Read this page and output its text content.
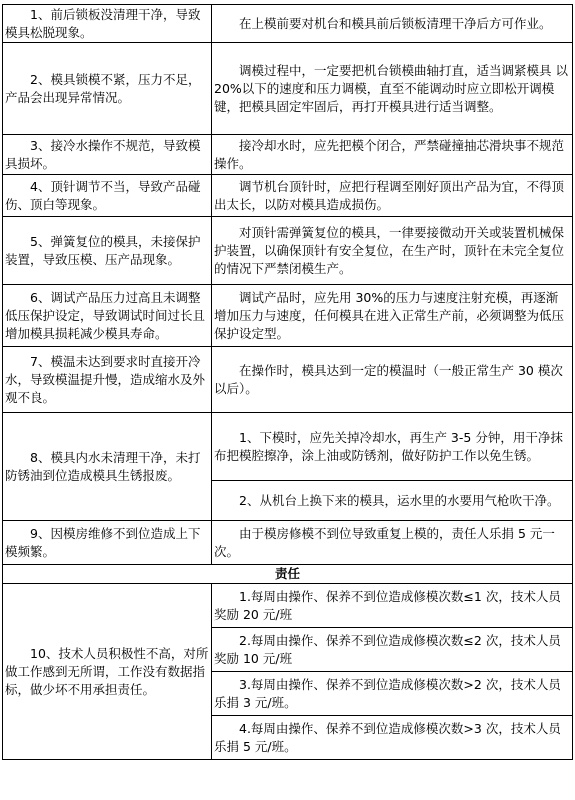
1、前后锁板没清理干净，导致模具松脱现象。	在上模前要对机台和模具前后锁板清理干净后方可作业。
2、模具锁模不紧，压力不足，产品会出现异常情况。	调模过程中，一定要把机台锁模曲轴打直，适当调紧模具 以 20%以下的速度和压力调模，直至不能调动时应立即松开调模键，把模具固定牢固后，再打开模具进行适当调整。
3、接冷水操作不规范，导致模具损坏。	接冷却水时，应先把模个闭合，严禁碰撞抽芯滑块事不规范操作。
4、顶针调节不当，导致产品碰伤、顶白等现象。	调节机台顶针时，应把行程调至刚好顶出产品为宜，不得顶出太长，以防对模具造成损伤。
5、弹簧复位的模具，未接保护装置，导致压模、压产品现象。	对顶针需弹簧复位的模具，一律要接微动开关或装置机械保护装置，以确保顶针有安全复位，在生产时，顶针在未完全复位的情况下严禁闭模生产。
6、调试产品压力过高且未调整低压保护设定，导致调试时间过长且增加模具损耗减少模具寿命。	调试产品时，应先用 30%的压力与速度注射充模，再逐渐增加压力与速度，任何模具在进入正常生产前，必须调整为低压保护设定型。
7、模温未达到要求时直接开冷水，导致模温提升慢，造成缩水及外观不良。	在操作时，模具达到一定的模温时（一般正常生产 30 模次以后）。
8、模具内水未清理干净，未打防锈油到位造成模具生锈报废。	1、下模时，应先关掉冷却水，再生产 3-5 分钟，用干净抹布把模腔擦净，涂上油或防锈剂，做好防护工作以免生锈。
	2、从机台上换下来的模具，运水里的水要用气枪吹干净。
9、因模房维修不到位造成上下模频繁。	由于模房修模不到位导致重复上模的，责任人乐捐 5 元一次。
责任	
10、技术人员积极性不高，对所做工作感到无所谓，工作没有数据指标，做少坏不用承担责任。	1.每周由操作、保养不到位造成修模次数≤1 次，技术人员奖励 20 元/班
	2.每周由操作、保养不到位造成修模次数≤2 次，技术人员奖励 10 元/班
	3.每周由操作、保养不到位造成修模次数>2 次，技术人员乐捐 3 元/班。
	4.每周由操作、保养不到位造成修模次数>3 次，技术人员乐捐 5 元/班。
